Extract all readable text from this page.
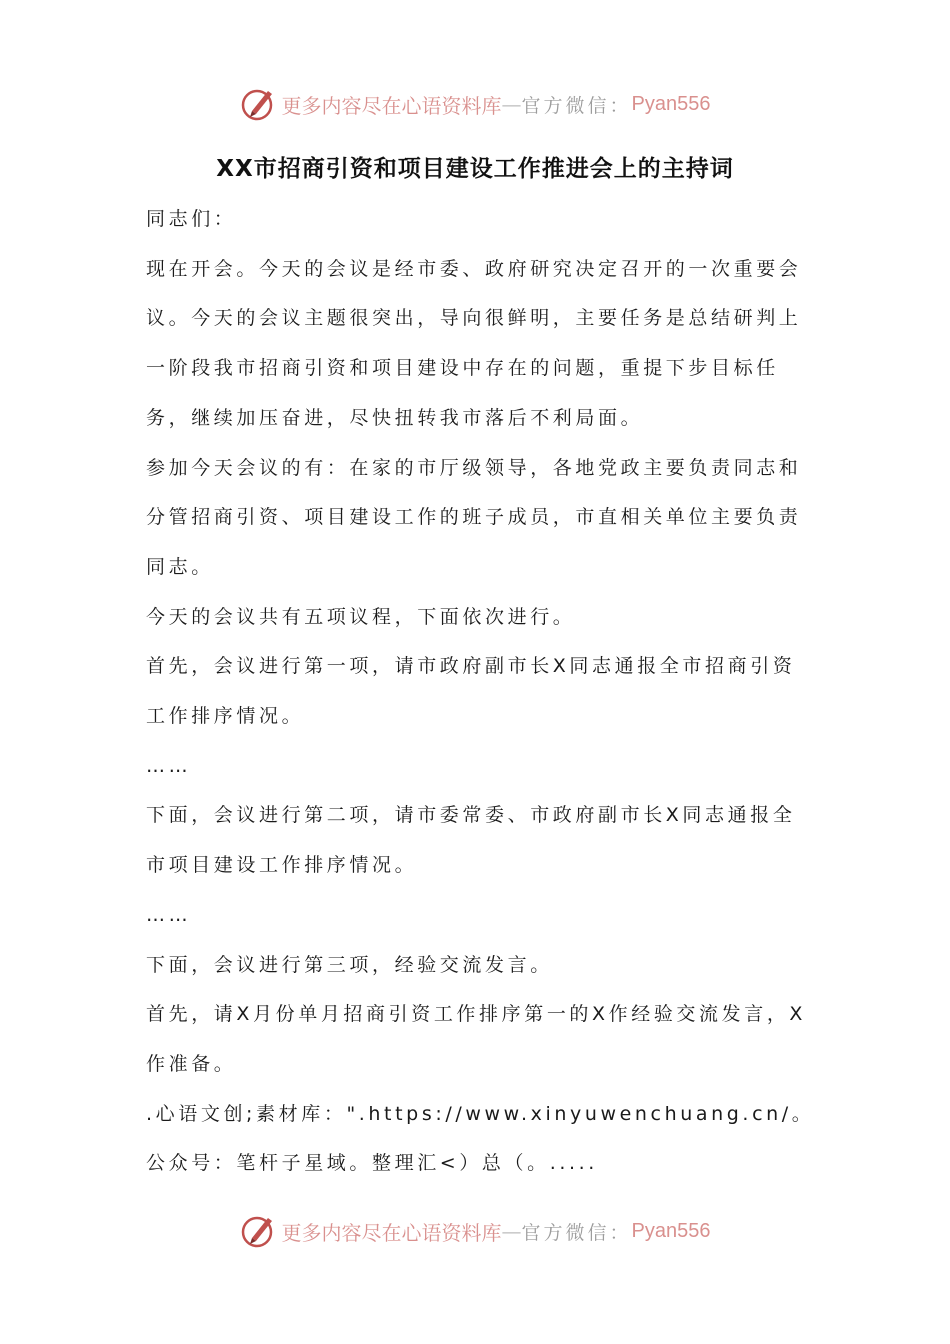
更多内容尽在心语资料库 — 官方微信： Pyan556
XX市招商引资和项目建设工作推进会上的主持词

同志们：

现在开会。今天的会议是经市委、政府研究决定召开的一次重要会议。今天的会议主题很突出，导向很鲜明，主要任务是总结研判上一阶段我市招商引资和项目建设中存在的问题，重提下步目标任务，继续加压奋进，尽快扭转我市落后不利局面。

参加今天会议的有：在家的市厅级领导，各地党政主要负责同志和分管招商引资、项目建设工作的班子成员，市直相关单位主要负责同志。

今天的会议共有五项议程，下面依次进行。

首先，会议进行第一项，请市政府副市长X同志通报全市招商引资工作排序情况。

……

下面，会议进行第二项，请市委常委、市政府副市长X同志通报全市项目建设工作排序情况。

……

下面，会议进行第三项，经验交流发言。

首先，请X月份单月招商引资工作排序第一的X作经验交流发言，X作准备。

.心语文创;素材库：".https://www.xinyuwenchuang.cn/。公众号：笔杆子星域。整理汇<）总（。.....

更多内容尽在心语资料库 — 官方微信： Pyan556
